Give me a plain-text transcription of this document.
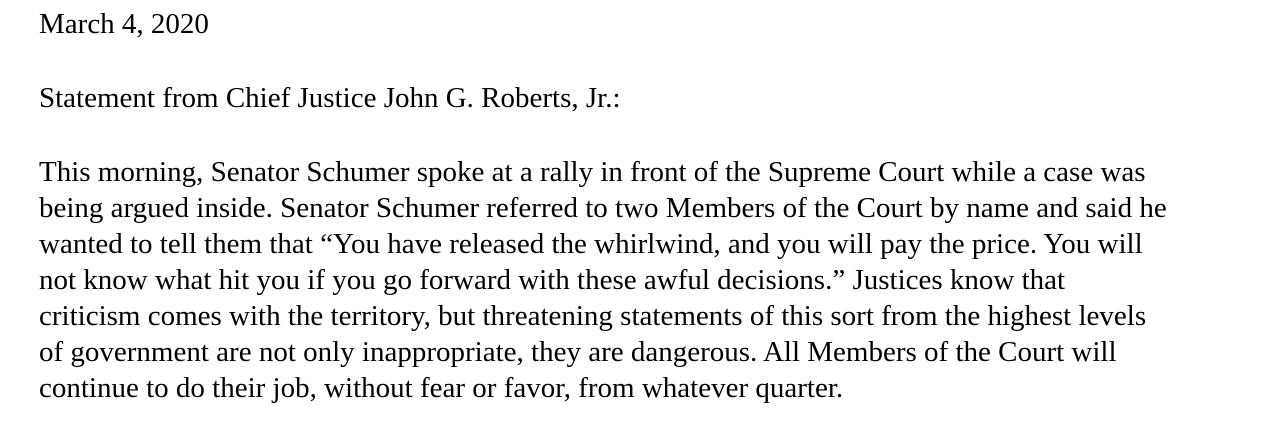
March 4, 2020
Statement from Chief Justice John G. Roberts, Jr.:
This morning, Senator Schumer spoke at a rally in front of the Supreme Court while a case was
being argued inside. Senator Schumer referred to two Members of the Court by name and said he
wanted to tell them that “You have released the whirlwind, and you will pay the price. You will
not know what hit you if you go forward with these awful decisions.” Justices know that
criticism comes with the territory, but threatening statements of this sort from the highest levels
of government are not only inappropriate, they are dangerous. All Members of the Court will
continue to do their job, without fear or favor, from whatever quarter.
